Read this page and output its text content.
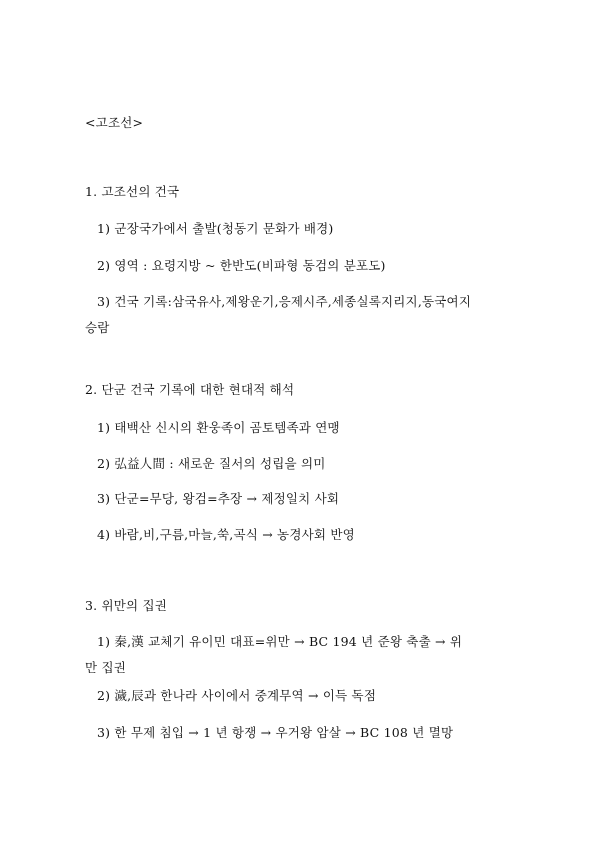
<고조선>
1. 고조선의 건국
1) 군장국가에서 출발(청동기 문화가 배경)
2) 영역 : 요령지방 ~ 한반도(비파형 동검의 분포도)
3) 건국 기록:삼국유사,제왕운기,응제시주,세종실록지리지,동국여지
승람
2. 단군 건국 기록에 대한 현대적 해석
1) 태백산 신시의 환웅족이 곰토템족과 연맹
2) 弘益人間 : 새로운 질서의 성립을 의미
3) 단군=무당, 왕검=추장 → 제정일치 사회
4) 바람,비,구름,마늘,쑥,곡식 → 농경사회 반영
3. 위만의 집권
1) 秦,漢 교체기 유이민 대표=위만 → BC 194 년 준왕 축출 → 위
만 집권
2) 濊,辰과 한나라 사이에서 중계무역 → 이득 독점
3) 한 무제 침입 → 1 년 항쟁 → 우거왕 암살 → BC 108 년 멸망
